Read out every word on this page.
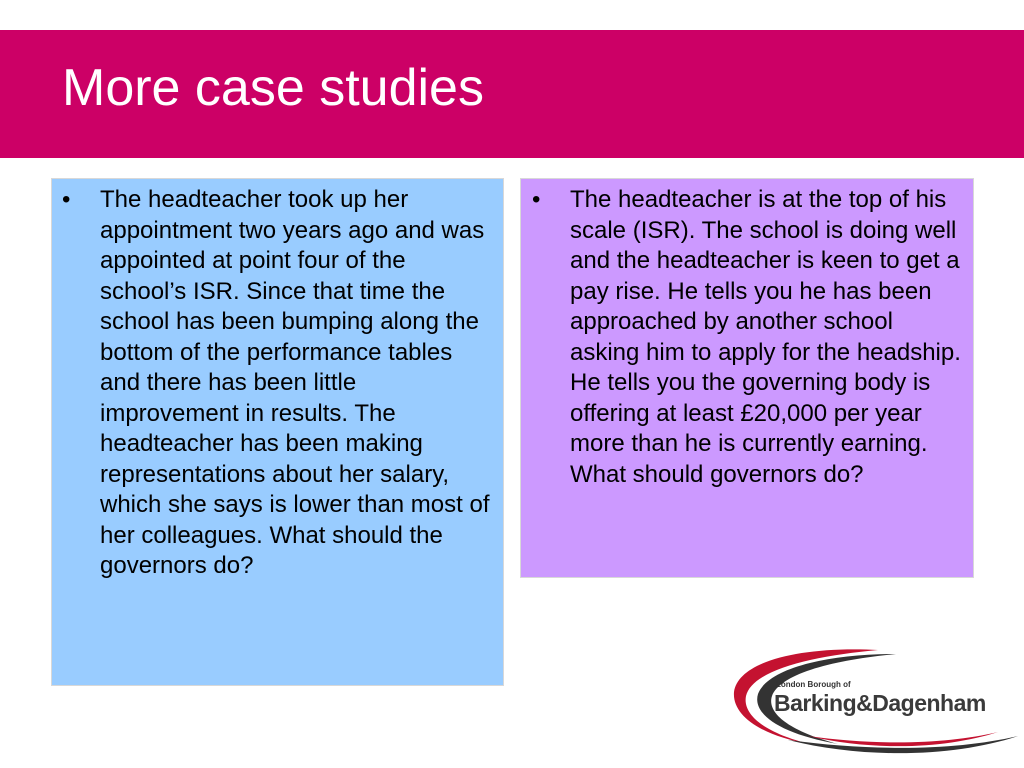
More case studies
• The headteacher took up her appointment two years ago and was appointed at point four of the school’s ISR. Since that time the school has been bumping along the bottom of the performance tables and there has been little improvement in results. The headteacher has been making representations about her salary, which she says is lower than most of her colleagues. What should the governors do?
• The headteacher is at the top of his scale (ISR). The school is doing well and the headteacher is keen to get a pay rise. He tells you he has been approached by another school asking him to apply for the headship. He tells you the governing body is offering at least £20,000 per year more than he is currently earning. What should governors do?
London Borough of
Barking&Dagenham
